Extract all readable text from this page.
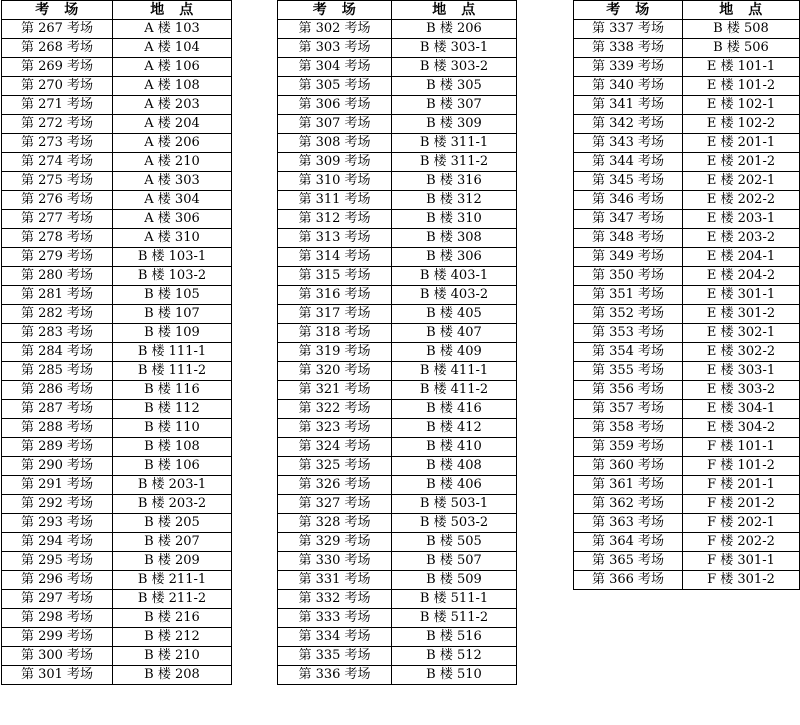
考　场	地　点
第 267 考场	A 楼 103
第 268 考场	A 楼 104
第 269 考场	A 楼 106
第 270 考场	A 楼 108
第 271 考场	A 楼 203
第 272 考场	A 楼 204
第 273 考场	A 楼 206
第 274 考场	A 楼 210
第 275 考场	A 楼 303
第 276 考场	A 楼 304
第 277 考场	A 楼 306
第 278 考场	A 楼 310
第 279 考场	B 楼 103-1
第 280 考场	B 楼 103-2
第 281 考场	B 楼 105
第 282 考场	B 楼 107
第 283 考场	B 楼 109
第 284 考场	B 楼 111-1
第 285 考场	B 楼 111-2
第 286 考场	B 楼 116
第 287 考场	B 楼 112
第 288 考场	B 楼 110
第 289 考场	B 楼 108
第 290 考场	B 楼 106
第 291 考场	B 楼 203-1
第 292 考场	B 楼 203-2
第 293 考场	B 楼 205
第 294 考场	B 楼 207
第 295 考场	B 楼 209
第 296 考场	B 楼 211-1
第 297 考场	B 楼 211-2
第 298 考场	B 楼 216
第 299 考场	B 楼 212
第 300 考场	B 楼 210
第 301 考场	B 楼 208
考　场	地　点
第 302 考场	B 楼 206
第 303 考场	B 楼 303-1
第 304 考场	B 楼 303-2
第 305 考场	B 楼 305
第 306 考场	B 楼 307
第 307 考场	B 楼 309
第 308 考场	B 楼 311-1
第 309 考场	B 楼 311-2
第 310 考场	B 楼 316
第 311 考场	B 楼 312
第 312 考场	B 楼 310
第 313 考场	B 楼 308
第 314 考场	B 楼 306
第 315 考场	B 楼 403-1
第 316 考场	B 楼 403-2
第 317 考场	B 楼 405
第 318 考场	B 楼 407
第 319 考场	B 楼 409
第 320 考场	B 楼 411-1
第 321 考场	B 楼 411-2
第 322 考场	B 楼 416
第 323 考场	B 楼 412
第 324 考场	B 楼 410
第 325 考场	B 楼 408
第 326 考场	B 楼 406
第 327 考场	B 楼 503-1
第 328 考场	B 楼 503-2
第 329 考场	B 楼 505
第 330 考场	B 楼 507
第 331 考场	B 楼 509
第 332 考场	B 楼 511-1
第 333 考场	B 楼 511-2
第 334 考场	B 楼 516
第 335 考场	B 楼 512
第 336 考场	B 楼 510
考　场	地　点
第 337 考场	B 楼 508
第 338 考场	B 楼 506
第 339 考场	E 楼 101-1
第 340 考场	E 楼 101-2
第 341 考场	E 楼 102-1
第 342 考场	E 楼 102-2
第 343 考场	E 楼 201-1
第 344 考场	E 楼 201-2
第 345 考场	E 楼 202-1
第 346 考场	E 楼 202-2
第 347 考场	E 楼 203-1
第 348 考场	E 楼 203-2
第 349 考场	E 楼 204-1
第 350 考场	E 楼 204-2
第 351 考场	E 楼 301-1
第 352 考场	E 楼 301-2
第 353 考场	E 楼 302-1
第 354 考场	E 楼 302-2
第 355 考场	E 楼 303-1
第 356 考场	E 楼 303-2
第 357 考场	E 楼 304-1
第 358 考场	E 楼 304-2
第 359 考场	F 楼 101-1
第 360 考场	F 楼 101-2
第 361 考场	F 楼 201-1
第 362 考场	F 楼 201-2
第 363 考场	F 楼 202-1
第 364 考场	F 楼 202-2
第 365 考场	F 楼 301-1
第 366 考场	F 楼 301-2
